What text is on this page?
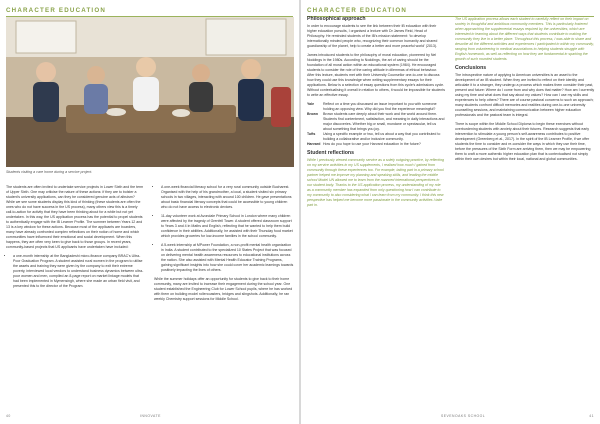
CHARACTER EDUCATION
Students visiting a care home during a service project.

The students are often invited to undertake service projects in Lower Sixth and the term of Upper Sixth. One may criticise the nature of these actions: if they are to bolster a student's university applications, can they be considered genuine acts of altruism? While we see some students display this kind of thinking (these students are often the ones who do not have success in the US process), many others view this is a timely call-to-action for activity that they have been thinking about for a while but not yet undertaken. In this way, the US application process has the potential to propel students to authentically engage with the IB Learner Profile. The summer between Years 12 and 13 is a key window for these actions. Because most of the applicants are boarders, many have already confronted complex reflections on their notion of home and which communities have influenced their emotional and social development. When this happens, they are often very keen to give back to those groups. In recent years, community-based projects that US applicants have undertaken have included:

• a one-month internship at the Bangladeshi micro-finance company BRAC's Ultra-Poor Graduation Program. A student assisted rural women in the program to utilise the assets and training they were given by the company to exit their extreme poverty, interviewed local vendors to understand business dynamics between ultra-poor women and men, compiled an 8-page report on market linkage models that had been implemented in Mymensingh, where she made an urban field visit, and presented this to the director of the Program.
• A one-week financial literacy school for a very rural community outside Bucharest. Organised with the help of his grandmother, a local, a student visited six primary schools in two villages, interacting with around 100 children. He gave presentations about basic financial literacy concepts that could be accessible to young children who do not have access to electronic devices.
• 11-day volunteer work at Avondale Primary School in London where many children were affected by the tragedy of Grenfell Tower. A student offered classroom support to Years 3 and 4 in Maths and English, reflecting that he wanted to help them build confidence in their abilities. Additionally, he assisted with their Thursday food market which provides groceries for low-income families in the school community.
• A 5-week internship at MPower Foundation, a non-profit mental health organization in India. A student contributed to the specialized 10 States Project that was focused on delivering mental health awareness resources to educational institutions across the nation. She also assisted with Mental Health Educator Training Programs, gaining significant insights into how she could cover her academic learnings towards positively impacting the lives of others.

While the summer holidays offer an opportunity for students to give back to their home community, many are invited to increase their engagement during the school year. One student established the Engineering Club for Lower School pupils, where he has worked with them on building model rollercoasters, bridges and slingshots. Additionally, he ran weekly Chemistry support sessions for Middle School.

40	INNOVATE
CHARACTER EDUCATION
Philosophical approach

In order to encourage students to see the link between their IB education with their higher education pursuits, I organised a lecture with Dr James Reid, Head of Philosophy. He reminded students of the IB's mission statement: 'to develop internationally minded people who, recognizing their common humanity and shared guardianship of the planet, help to create a better and more peaceful world' (2013).

James introduced students to the philosophy of moral education, pioneered by Nel Noddings in the 1980s. According to Noddings, the art of caring should be the foundation of all moral action within an educational system (1984). He encouraged students to consider the role of the caring attitude in dilemmas of ethical behaviour. After this lecture, students met with their University Counsellor one-to-one to discuss how they could use this knowledge when writing supplementary essays for their applications. Below is a selection of essay questions from this cycle's admissions cycle. Without contextualising it overall in relation to others, it would be impossible for students to write an effective essay.

Yale	Reflect on a time you discussed an issue important to you with someone holding an opposing view. Why did you find the experience meaningful?
Brown	Brown students care deeply about their work and the world around them. Students find contentment, satisfaction, and meaning in daily interactions and major discoveries. Whether big or small, mundane or spectacular, tell us about something that brings you joy.
Tufts	Using a specific example or two, tell us about a way that you contributed to building a collaborative and/or inclusive community.
Harvard How do you hope to use your Harvard education in the future?
Student reflections

While I previously viewed community service as a solely outgoing practice, by reflecting on my service activities in my US supplements, I realised how much I gained from community through these experiences too. For example, taking part in a primary school partner helped me improve my planning and speaking skills, and leading the middle school Model UN allowed me to learn from the nuanced international perspectives in our student body. Thanks to the US application process, my understanding of my role as a community member has expanded from only questioning how I can contribute to my community to also considering what I can learn from my community. I think this new perspective has helped me become more passionate in the community activities I take part in.

The US application process allows each student to carefully reflect on their impact on society in thoughtful and ambitious community members. This is particularly fostered when approaching the supplemental essays required by the universities, which are interested in learning about the different ways that students contribute to making the community they live in a better place. Throughout this process, I was able to share and describe all the different activities and experiences I participated in within my community, ranging from volunteering in medical associations to helping students struggle with English homework, as well as reflecting on how they are fundamental in sparking the growth of such rounded students.

Conclusions

The introspective nature of applying to American universities is an asset to the development of an IB student. When they are invited to reflect on their identity and articulate it to a stranger, they undergo a process which makes them consider their past, present and future: Where do I come from and why does that matter? How am I currently using my time and what does that say about my values? How can I use my skills and experiences to help others? There are of course pastoral concerns to such an approach; many students confront difficult memories and realities during one-to-one university counselling sessions, and maintaining communication between higher education professionals and the pastoral team is integral.

There is scope within the Middle School Diploma to begin these exercises without overburdening students with anxiety about their futures. Research suggests that early intervention to stimulate a young person's self-awareness contributes to positive development (Greenberg et al., 2017). In the spirit of the IB Learner Profile, if we offer students the time to consider and re-consider the ways in which they use their time, before the pressures of the Sixth Form are arriving them, then we may be empowering them to craft a more authentic higher education plan that is contextualised not simply within their own desires but within their local, national and global communities.

SEVENOAKS SCHOOL	41
